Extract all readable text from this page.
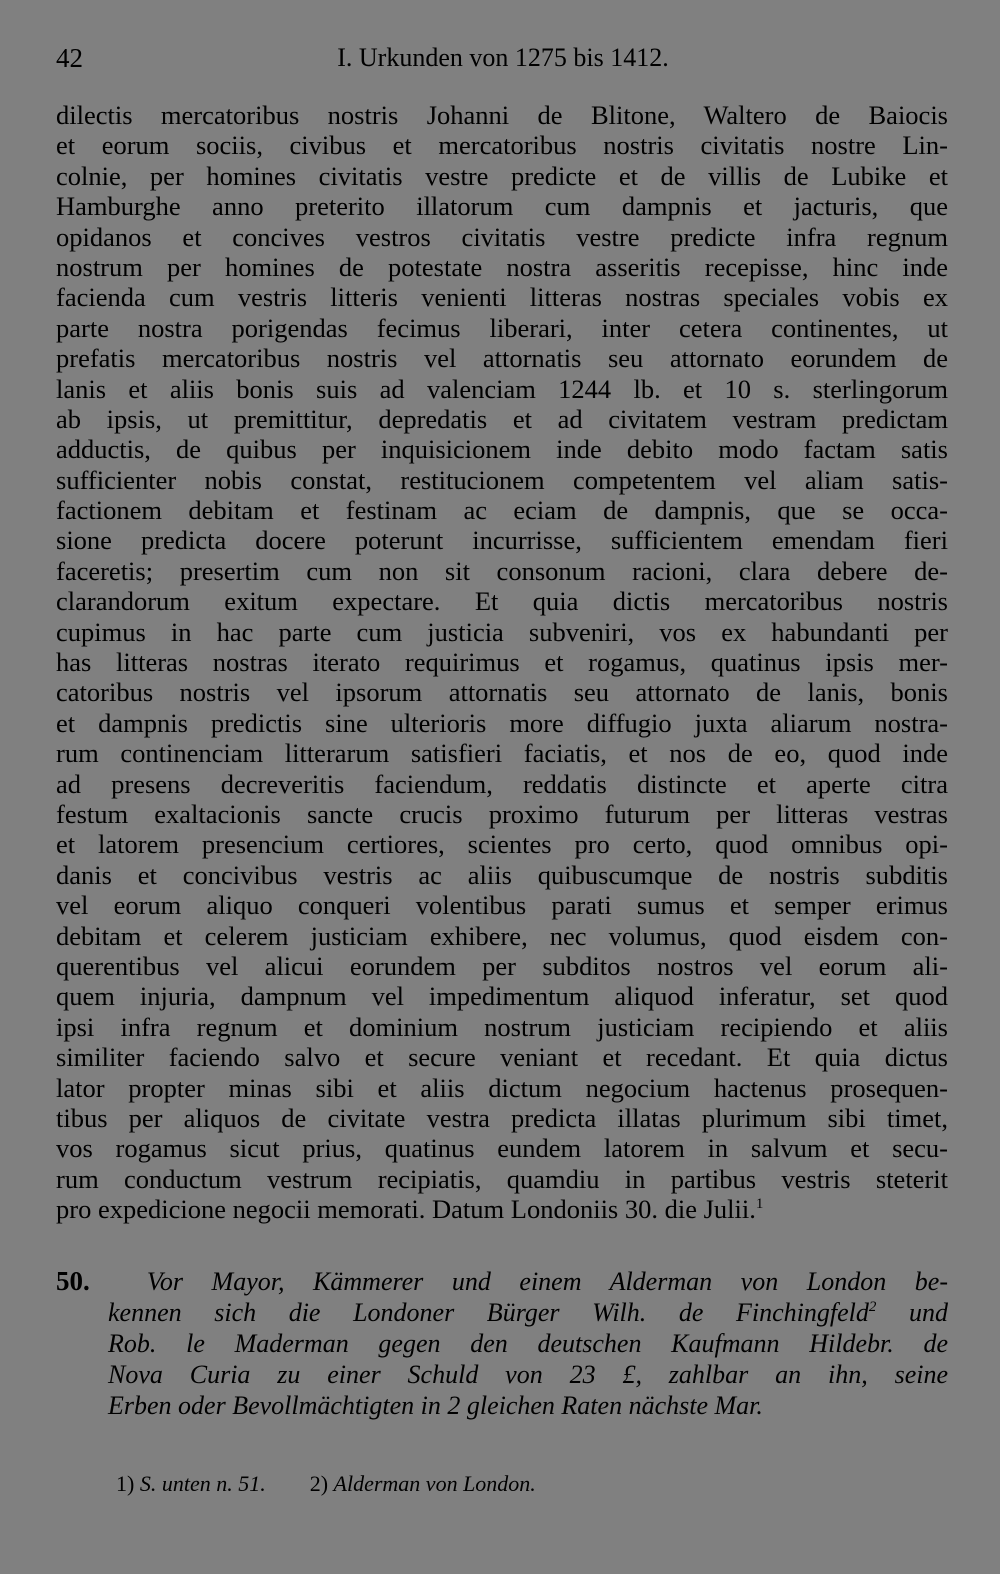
42	I. Urkunden von 1275 bis 1412.
dilectis mercatoribus nostris Johanni de Blitone, Waltero de Baiocis
et eorum sociis, civibus et mercatoribus nostris civitatis nostre Lin-
colnie, per homines civitatis vestre predicte et de villis de Lubike et
Hamburghe anno preterito illatorum cum dampnis et jacturis, que
opidanos et concives vestros civitatis vestre predicte infra regnum
nostrum per homines de potestate nostra asseritis recepisse, hinc inde
facienda cum vestris litteris venienti litteras nostras speciales vobis ex
parte nostra porigendas fecimus liberari, inter cetera continentes, ut
prefatis mercatoribus nostris vel attornatis seu attornato eorundem de
lanis et aliis bonis suis ad valenciam 1244 lb. et 10 s. sterlingorum
ab ipsis, ut premittitur, depredatis et ad civitatem vestram predictam
adductis, de quibus per inquisicionem inde debito modo factam satis
sufficienter nobis constat, restitucionem competentem vel aliam satis-
factionem debitam et festinam ac eciam de dampnis, que se occa-
sione predicta docere poterunt incurrisse, sufficientem emendam fieri
faceretis; presertim cum non sit consonum racioni, clara debere de-
clarandorum exitum expectare. Et quia dictis mercatoribus nostris
cupimus in hac parte cum justicia subveniri, vos ex habundanti per
has litteras nostras iterato requirimus et rogamus, quatinus ipsis mer-
catoribus nostris vel ipsorum attornatis seu attornato de lanis, bonis
et dampnis predictis sine ulterioris more diffugio juxta aliarum nostra-
rum continenciam litterarum satisfieri faciatis, et nos de eo, quod inde
ad presens decreveritis faciendum, reddatis distincte et aperte citra
festum exaltacionis sancte crucis proximo futurum per litteras vestras
et latorem presencium certiores, scientes pro certo, quod omnibus opi-
danis et concivibus vestris ac aliis quibuscumque de nostris subditis
vel eorum aliquo conqueri volentibus parati sumus et semper erimus
debitam et celerem justiciam exhibere, nec volumus, quod eisdem con-
querentibus vel alicui eorundem per subditos nostros vel eorum ali-
quem injuria, dampnum vel impedimentum aliquod inferatur, set quod
ipsi infra regnum et dominium nostrum justiciam recipiendo et aliis
similiter faciendo salvo et secure veniant et recedant. Et quia dictus
lator propter minas sibi et aliis dictum negocium hactenus prosequen-
tibus per aliquos de civitate vestra predicta illatas plurimum sibi timet,
vos rogamus sicut prius, quatinus eundem latorem in salvum et secu-
rum conductum vestrum recipiatis, quamdiu in partibus vestris steterit
pro expedicione negocii memorati. Datum Londoniis 30. die Julii.$^1$
50. Vor Mayor, Kämmerer und einem Alderman von London be-
kennen sich die Londoner Bürger Wilh. de Finchingfeld$^2$ und
Rob. le Maderman gegen den deutschen Kaufmann Hildebr. de
Nova Curia zu einer Schuld von 23 £, zahlbar an ihn, seine
Erben oder Bevollmächtigten in 2 gleichen Raten nächste Mar.
1) S. unten n. 51. 2) Alderman von London.
